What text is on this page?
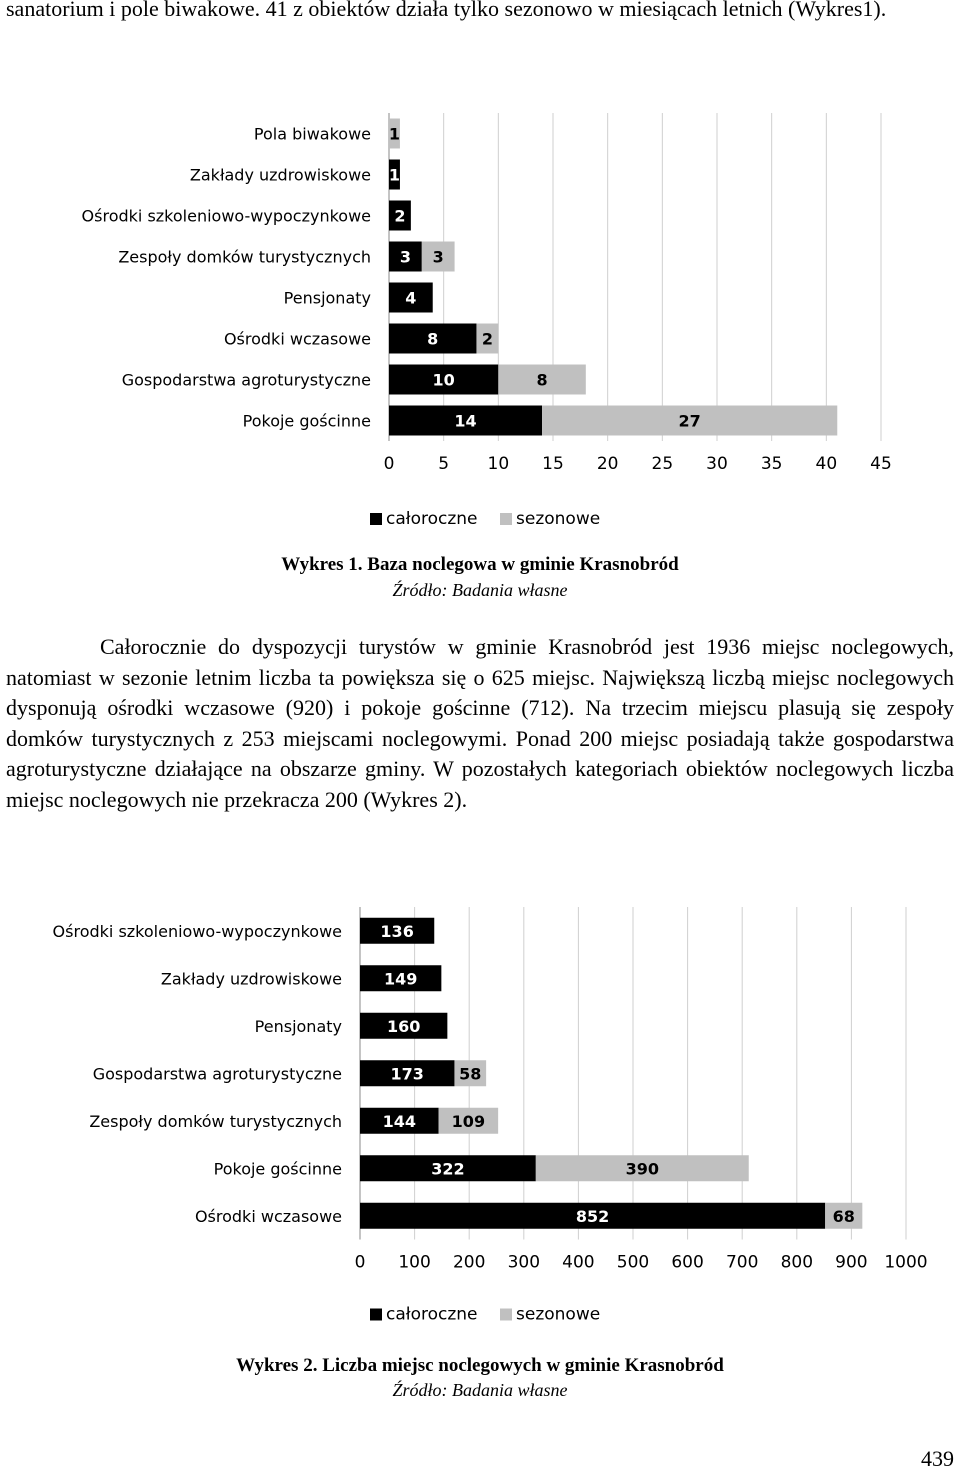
sanatorium i pole biwakowe. 41 z obiektów działa tylko sezonowo w miesiącach letnich (Wykres1).

0	5 10 15 20 25 30 35 40 45
Pola biwakowe 1
Zakłady uzdrowiskowe 1
Ośrodki szkoleniowo-wypoczynkowe 2
Zespoły domków turystycznych 3 3
Pensjonaty 4
Ośrodki wczasowe	8	2
Gospodarstwa agroturystyczne	10	8
Pokoje gościnne	14	27
całoroczne sezonowe
Wykres 1. Baza noclegowa w gminie Krasnobród
Źródło: Badania własne

Całorocznie do dyspozycji turystów w gminie Krasnobród jest 1936 miejsc noclegowych, natomiast w sezonie letnim liczba ta powiększa się o 625 miejsc. Największą liczbą miejsc noclegowych dysponują ośrodki wczasowe (920) i pokoje gościnne (712). Na trzecim miejscu plasują się zespoły domków turystycznych z 253 miejscami noclegowymi. Ponad 200 miejsc posiadają także gospodarstwa agroturystyczne działające na obszarze gminy. W pozostałych kategoriach obiektów noclegowych liczba miejsc noclegowych nie przekracza 200 (Wykres 2).

0 100 200 300 400 500 600 700 800 900 1000
Ośrodki szkoleniowo-wypoczynkowe 136
Zakłady uzdrowiskowe	149
Pensjonaty	160
Gospodarstwa agroturystyczne	173 58
Zespoły domków turystycznych	144 109
Pokoje gościnne	322	390
Ośrodki wczasowe	852	68
całoroczne sezonowe
Wykres 2. Liczba miejsc noclegowych w gminie Krasnobród
Źródło: Badania własne
439
